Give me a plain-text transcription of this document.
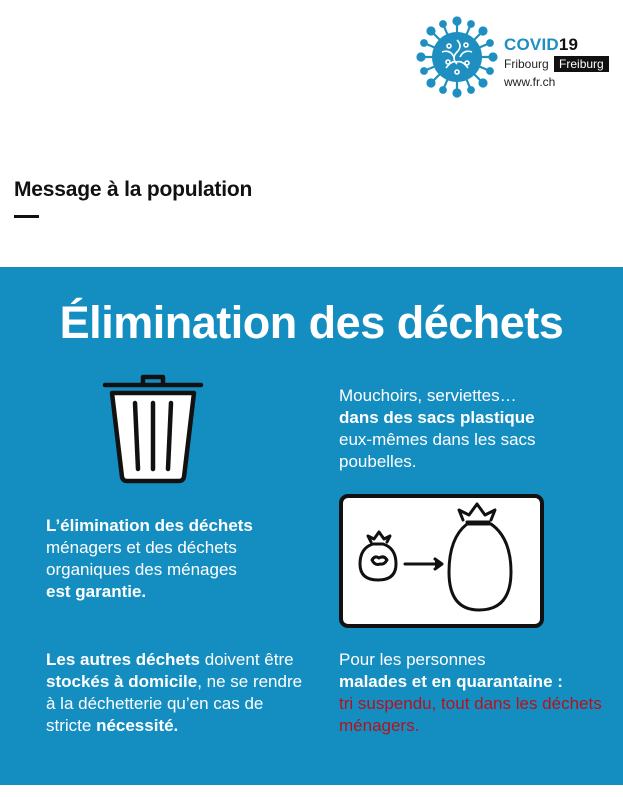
COVID19
Fribourg Freiburg
www.fr.ch
Message à la population
Élimination des déchets
Mouchoirs, serviettes…
dans des sacs plastique
eux-mêmes dans les sacs poubelles.
L’élimination des déchets
ménagers et des déchets organiques des ménages
est garantie.
Les autres déchets doivent être stockés à domicile, ne se rendre à la déchetterie qu’en cas de stricte nécessité.
Pour les personnes
malades et en quarantaine :
tri suspendu, tout dans les déchets ménagers.
